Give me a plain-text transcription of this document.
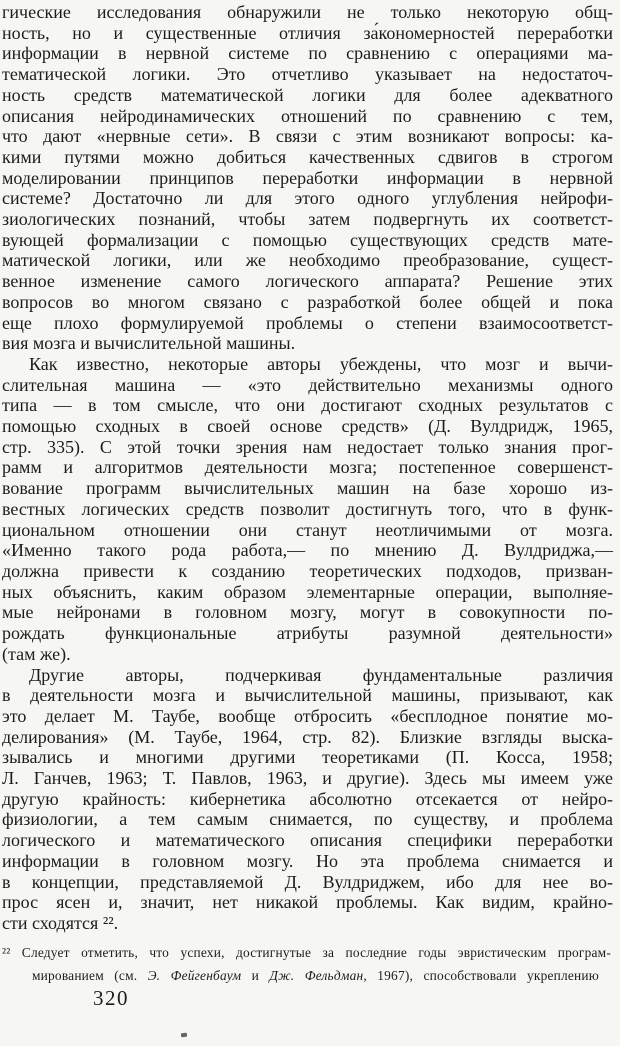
гические исследования обнаружили не только некоторую общ-
ность, но и существенные отличия за́кономерностей переработки
информации в нервной системе по сравнению с операциями ма-
тематической логики. Это отчетливо указывает на недостаточ-
ность средств математической логики для более адекватного
описания нейродинамических отношений по сравнению с тем,
что дают «нервные сети». В связи с этим возникают вопросы: ка-
кими путями можно добиться качественных сдвигов в строгом
моделировании принципов переработки информации в нервной
системе? Достаточно ли для этого одного углубления нейрофи-
зиологических познаний, чтобы затем подвергнуть их соответст-
вующей формализации с помощью существующих средств мате-
матической логики, или же необходимо преобразование, сущест-
венное изменение самого логического аппарата? Решение этих
вопросов во многом связано с разработкой более общей и пока
еще плохо формулируемой проблемы о степени взаимосоответст-
вия мозга и вычислительной машины.
Как известно, некоторые авторы убеждены, что мозг и вычи-
слительная машина — «это действительно механизмы одного
типа — в том смысле, что они достигают сходных результатов с
помощью сходных в своей основе средств» (Д. Вулдридж, 1965,
стр. 335). С этой точки зрения нам недостает только знания прог-
рамм и алгоритмов деятельности мозга; постепенное совершенст-
вование программ вычислительных машин на базе хорошо из-
вестных логических средств позволит достигнуть того, что в функ-
циональном отношении они станут неотличимыми от мозга.
«Именно такого рода работа,— по мнению Д. Вулдриджа,—
должна привести к созданию теоретических подходов, призван-
ных объяснить, каким образом элементарные операции, выполняе-
мые нейронами в головном мозгу, могут в совокупности по-
рождать функциональные атрибуты разумной деятельности»
(там же).
Другие авторы, подчеркивая фундаментальные различия
в деятельности мозга и вычислительной машины, призывают, как
это делает М. Таубе, вообще отбросить «бесплодное понятие мо-
делирования» (М. Таубе, 1964, стр. 82). Близкие взгляды выска-
зывались и многими другими теоретиками (П. Косса, 1958;
Л. Ганчев, 1963; Т. Павлов, 1963, и другие). Здесь мы имеем уже
другую крайность: кибернетика абсолютно отсекается от нейро-
физиологии, а тем самым снимается, по существу, и проблема
логического и математического описания специфики переработки
информации в головном мозгу. Но эта проблема снимается и
в концепции, представляемой Д. Вулдриджем, ибо для нее во-
прос ясен и, значит, нет никакой проблемы. Как видим, крайно-
сти сходятся ²².
²² Следует отметить, что успехи, достигнутые за последние годы эвристическим програм-
мированием (см. Э. Фейгенбаум и Дж. Фельдман, 1967), способствовали укреплению
320
